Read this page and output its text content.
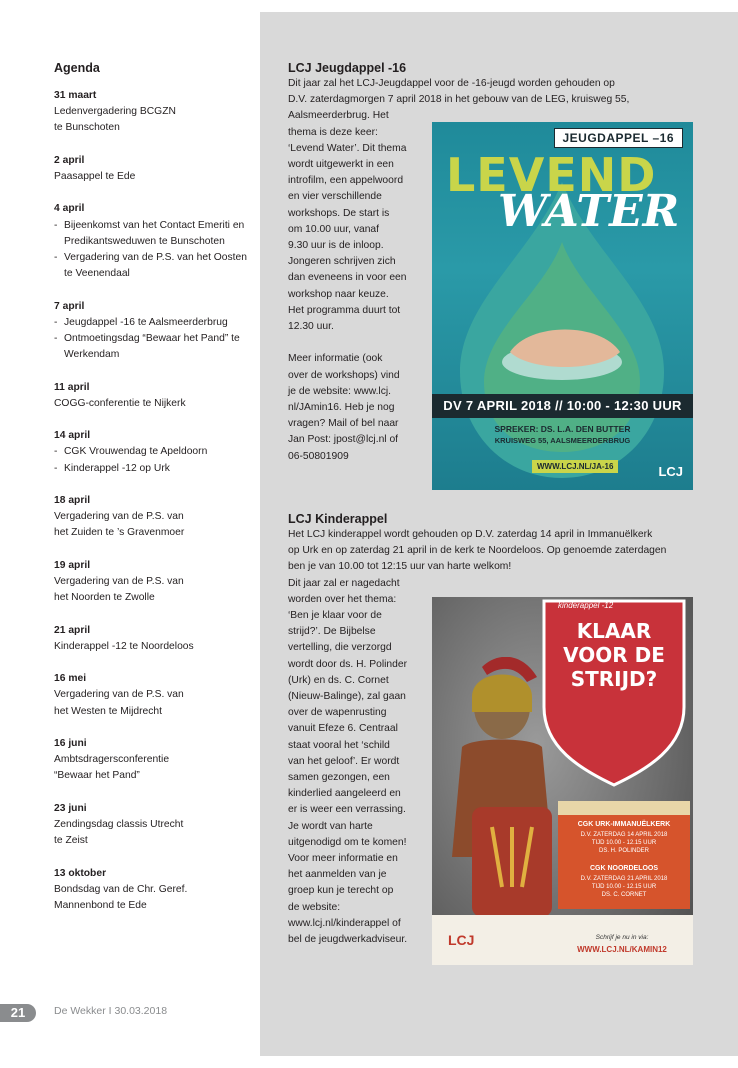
Agenda
31 maart
Ledenvergadering BCGZN
te Bunschoten
2 april
Paasappel te Ede
4 april
- Bijeenkomst van het Contact Emeriti en Predikantsweduwen te Bunschoten
- Vergadering van de P.S. van het Oosten te Veenendaal
7 april
- Jeugdappel -16 te Aalsmeerderbrug
- Ontmoetingsdag “Bewaar het Pand” te Werkendam
11 april
COGG-conferentie te Nijkerk
14 april
- CGK Vrouwendag te Apeldoorn
- Kinderappel -12 op Urk
18 april
Vergadering van de P.S. van
het Zuiden te ’s Gravenmoer
19 april
Vergadering van de P.S. van
het Noorden te Zwolle
21 april
Kinderappel -12 te Noordeloos
16 mei
Vergadering van de P.S. van
het Westen te Mijdrecht
16 juni
Ambtsdragersconferentie
“Bewaar het Pand”
23 juni
Zendingsdag classis Utrecht
te Zeist
13 oktober
Bondsdag van de Chr. Geref.
Mannenbond te Ede
LCJ Jeugdappel -16
Dit jaar zal het LCJ-Jeugdappel voor de -16-jeugd worden gehouden op
D.V. zaterdagmorgen 7 april 2018 in het gebouw van de LEG, kruisweg 55,
Aalsmeerderbrug. Het
thema is deze keer:
‘Levend Water’. Dit thema
wordt uitgewerkt in een
introfilm, een appelwoord
en vier verschillende
workshops. De start is
om 10.00 uur, vanaf
9.30 uur is de inloop.
Jongeren schrijven zich
dan eveneens in voor een
workshop naar keuze.
Het programma duurt tot
12.30 uur.
Meer informatie (ook
over de workshops) vind
je de website: www.lcj.
nl/JAmin16. Heb je nog
vragen? Mail of bel naar
Jan Post: jpost@lcj.nl of
06-50801909
JEUGDAPPEL –16
LEVEND
WATER
DV 7 APRIL 2018 // 10:00 - 12:30 UUR
SPREKER: DS. L.A. DEN BUTTER
KRUISWEG 55, AALSMEERDERBRUG
WWW.LCJ.NL/JA-16	LCJ
LCJ Kinderappel
Het LCJ kinderappel wordt gehouden op D.V. zaterdag 14 april in Immanuëlkerk
op Urk en op zaterdag 21 april in de kerk te Noordeloos. Op genoemde zaterdagen
ben je van 10.00 tot 12:15 uur van harte welkom!
Dit jaar zal er nagedacht
worden over het thema:
‘Ben je klaar voor de
strijd?’. De Bijbelse
vertelling, die verzorgd
wordt door ds. H. Polinder
(Urk) en ds. C. Cornet
(Nieuw-Balinge), zal gaan
over de wapenrusting
vanuit Efeze 6. Centraal
staat vooral het ‘schild
van het geloof’. Er wordt
samen gezongen, een
kinderlied aangeleerd en
er is weer een verrassing.
Je wordt van harte
uitgenodigd om te komen!
Voor meer informatie en
het aanmelden van je
groep kun je terecht op
de website:
www.lcj.nl/kinderappel of
bel de jeugdwerkadviseur.
kinderappel -12
KLAAR
VOOR DE
STRIJD?
CGK URK-IMMANUËLKERK
D.V. ZATERDAG 14 APRIL 2018
TIJD 10.00 - 12.15 UUR
DS. H. POLINDER
CGK NOORDELOOS
D.V. ZATERDAG 21 APRIL 2018
TIJD 10.00 - 12.15 UUR
DS. C. CORNET
LCJ	Schrijf je nu in via:
WWW.LCJ.NL/KAMIN12
21	De Wekker I 30.03.2018
